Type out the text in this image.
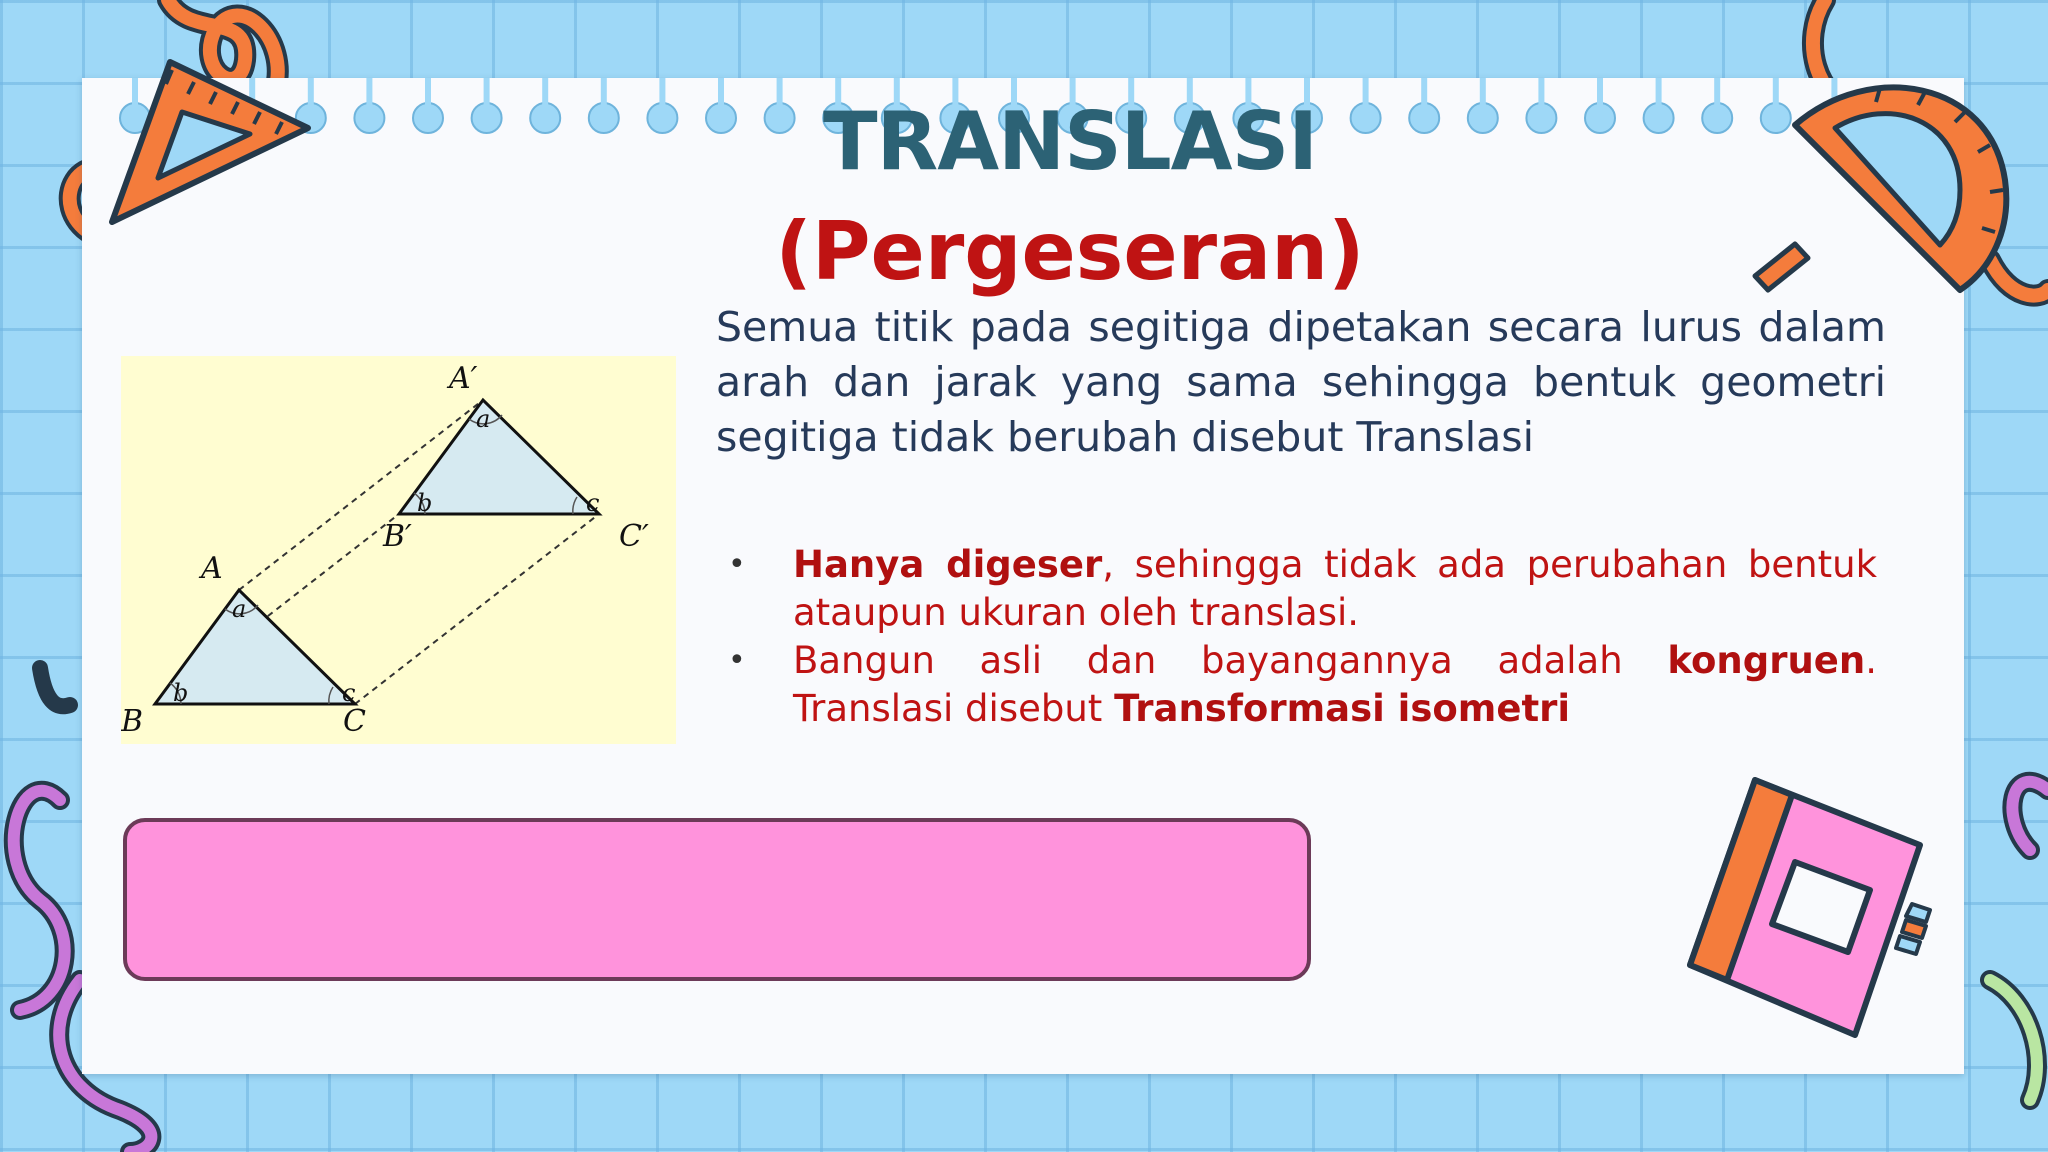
TRANSLASI
(Pergeseran)
Semua titik pada segitiga dipetakan secara lurus dalam arah dan jarak yang sama sehingga bentuk geometri segitiga tidak berubah disebut Translasi
• Hanya digeser, sehingga tidak ada perubahan bentuk ataupun ukuran oleh translasi.
• Bangun asli dan bayangannya adalah kongruen. Translasi disebut Transformasi isometri
a
b	c
a
b	c
A
B	C
A′
B′	C′
